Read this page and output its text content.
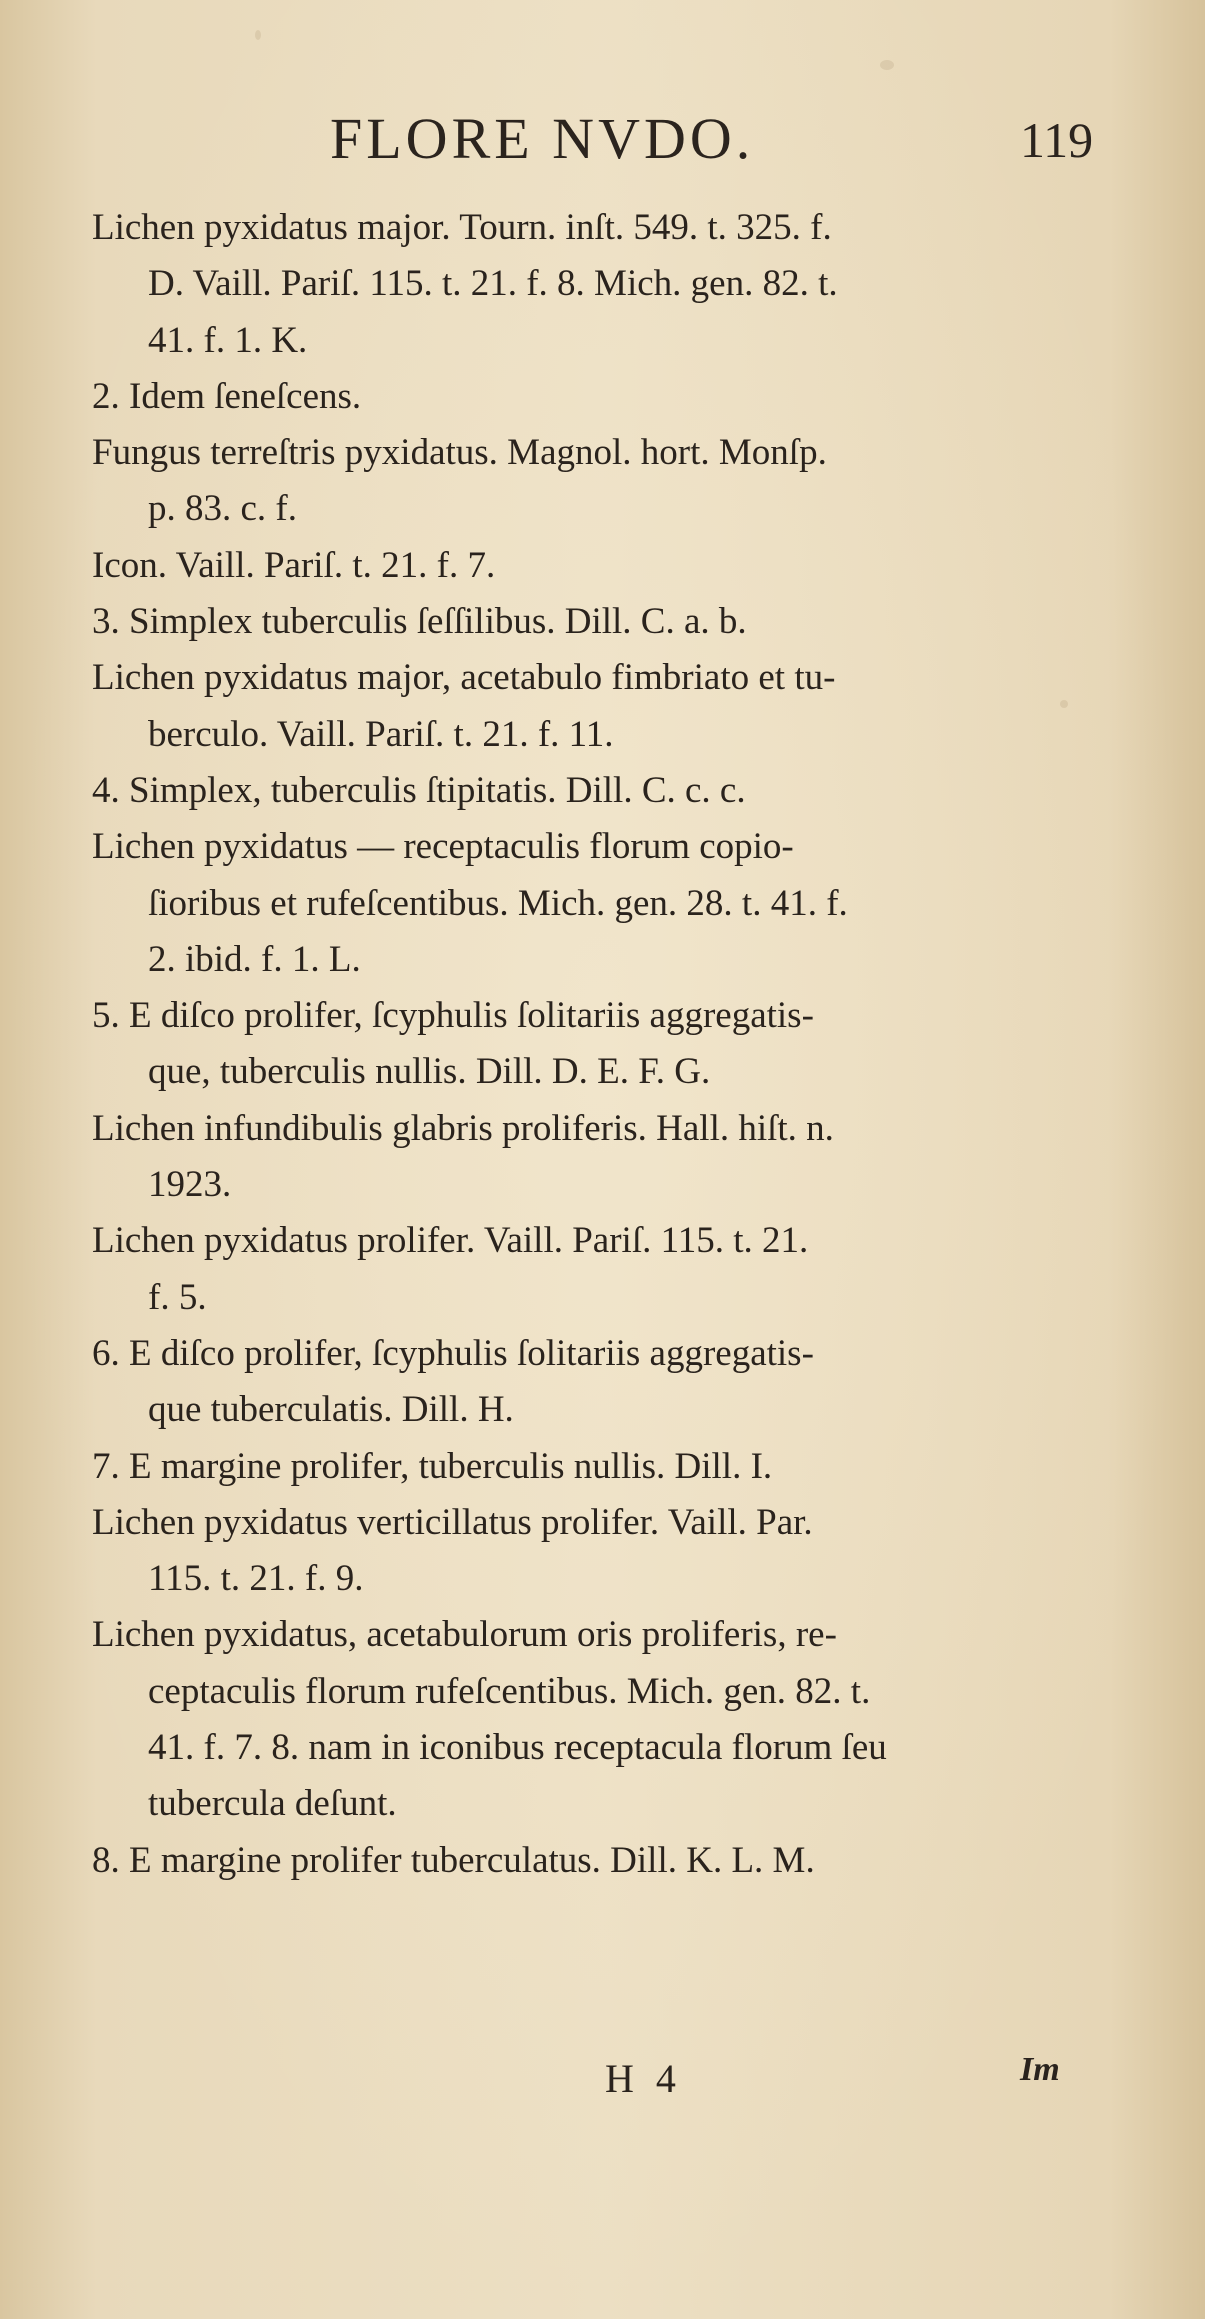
FLORE NVDO.	119

Lichen pyxidatus major. Tourn. inſt. 549. t. 325. f.
D. Vaill. Pariſ. 115. t. 21. f. 8. Mich. gen. 82. t.
41. f. 1. K.

2. Idem ſeneſcens.

Fungus terreſtris pyxidatus. Magnol. hort. Monſp.
p. 83. c. f.

Icon. Vaill. Pariſ. t. 21. f. 7.

3. Simplex tuberculis ſeſſilibus. Dill. C. a. b.

Lichen pyxidatus major, acetabulo fimbriato et tu-
berculo. Vaill. Pariſ. t. 21. f. 11.

4. Simplex, tuberculis ſtipitatis. Dill. C. c. c.

Lichen pyxidatus — receptaculis florum copio-
ſioribus et rufeſcentibus. Mich. gen. 28. t. 41. f.
2. ibid. f. 1. L.

5. E diſco prolifer, ſcyphulis ſolitariis aggregatis-
que, tuberculis nullis. Dill. D. E. F. G.

Lichen infundibulis glabris proliferis. Hall. hiſt. n.
1923.

Lichen pyxidatus prolifer. Vaill. Pariſ. 115. t. 21.
f. 5.

6. E diſco prolifer, ſcyphulis ſolitariis aggregatis-
que tuberculatis. Dill. H.

7. E margine prolifer, tuberculis nullis. Dill. I.

Lichen pyxidatus verticillatus prolifer. Vaill. Par.
115. t. 21. f. 9.

Lichen pyxidatus, acetabulorum oris proliferis, re-
ceptaculis florum rufeſcentibus. Mich. gen. 82. t.
41. f. 7. 8. nam in iconibus receptacula florum ſeu
tubercula deſunt.

8. E margine prolifer tuberculatus. Dill. K. L. M.

H 4	Im
